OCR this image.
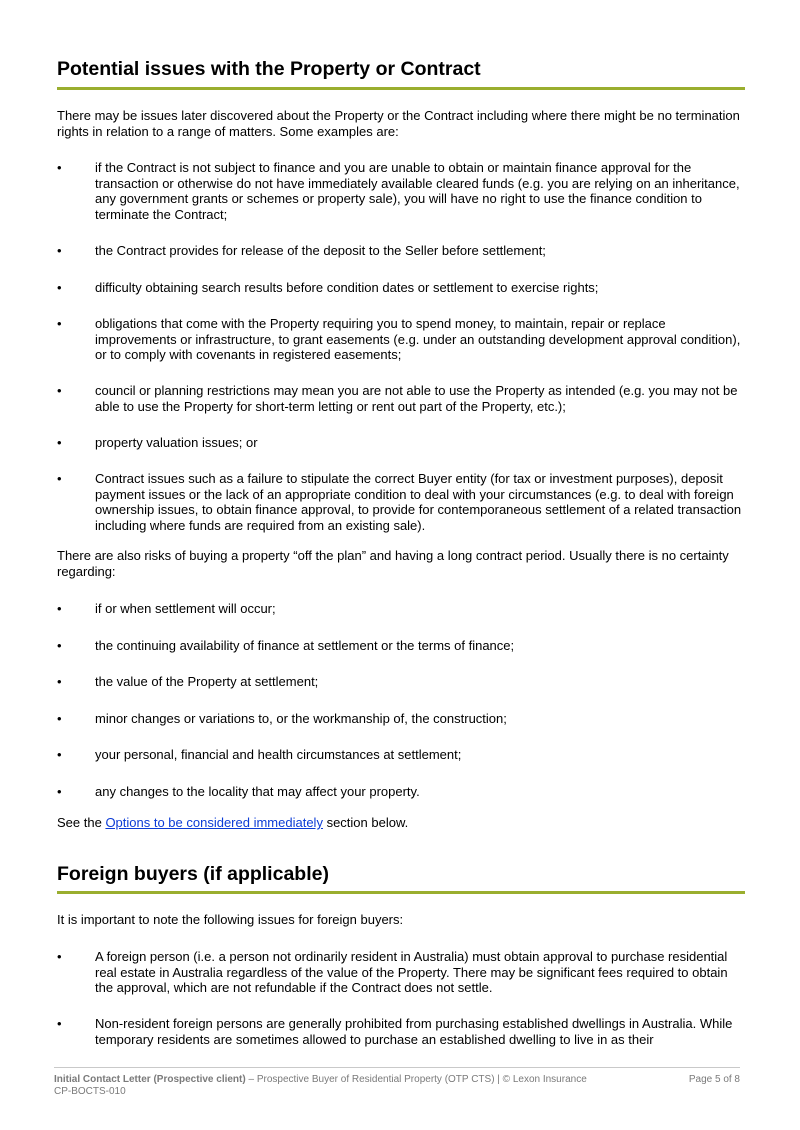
Potential issues with the Property or Contract

There may be issues later discovered about the Property or the Contract including where there might be no termination rights in relation to a range of matters. Some examples are:

•	if the Contract is not subject to finance and you are unable to obtain or maintain finance approval for the transaction or otherwise do not have immediately available cleared funds (e.g. you are relying on an inheritance, any government grants or schemes or property sale), you will have no right to use the finance condition to terminate the Contract;
•	the Contract provides for release of the deposit to the Seller before settlement;
•	difficulty obtaining search results before condition dates or settlement to exercise rights;
•	obligations that come with the Property requiring you to spend money, to maintain, repair or replace improvements or infrastructure, to grant easements (e.g. under an outstanding development approval condition), or to comply with covenants in registered easements;
•	council or planning restrictions may mean you are not able to use the Property as intended (e.g. you may not be able to use the Property for short-term letting or rent out part of the Property, etc.);
•	property valuation issues; or
•	Contract issues such as a failure to stipulate the correct Buyer entity (for tax or investment purposes), deposit payment issues or the lack of an appropriate condition to deal with your circumstances (e.g. to deal with foreign ownership issues, to obtain finance approval, to provide for contemporaneous settlement of a related transaction including where funds are required from an existing sale).

There are also risks of buying a property “off the plan” and having a long contract period. Usually there is no certainty regarding:

•	if or when settlement will occur;
•	the continuing availability of finance at settlement or the terms of finance;
•	the value of the Property at settlement;
•	minor changes or variations to, or the workmanship of, the construction;
•	your personal, financial and health circumstances at settlement;
•	any changes to the locality that may affect your property.

See the Options to be considered immediately section below.

Foreign buyers (if applicable)

It is important to note the following issues for foreign buyers:

•	A foreign person (i.e. a person not ordinarily resident in Australia) must obtain approval to purchase residential real estate in Australia regardless of the value of the Property. There may be significant fees required to obtain the approval, which are not refundable if the Contract does not settle.
•	Non-resident foreign persons are generally prohibited from purchasing established dwellings in Australia. While temporary residents are sometimes allowed to purchase an established dwelling to live in as their
Initial Contact Letter (Prospective client) – Prospective Buyer of Residential Property (OTP CTS) | © Lexon Insurance	Page 5 of 8
CP-BOCTS-010
